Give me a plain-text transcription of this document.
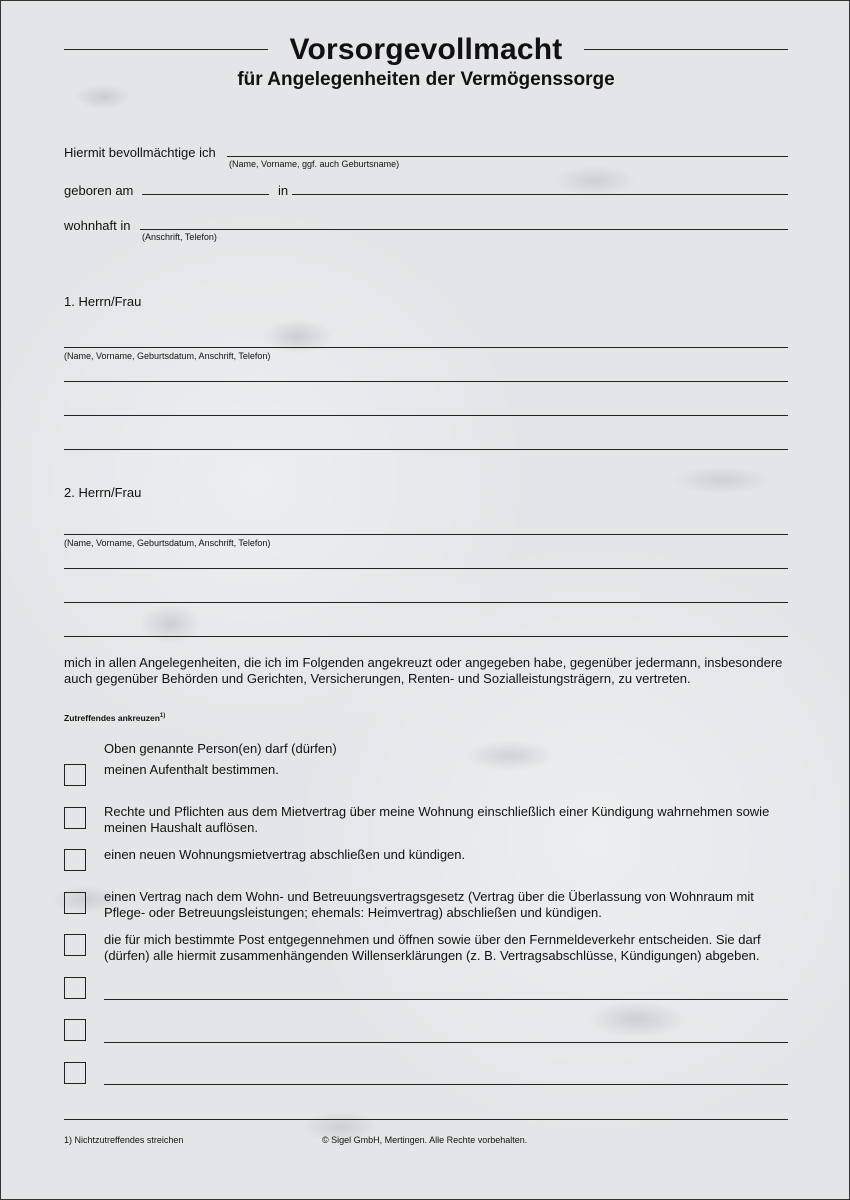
Vorsorgevollmacht
für Angelegenheiten der Vermögenssorge
Hiermit bevollmächtige ich
(Name, Vorname, ggf. auch Geburtsname)
geboren am	in
wohnhaft in
(Anschrift, Telefon)
1. Herrn/Frau
(Name, Vorname, Geburtsdatum, Anschrift, Telefon)
2. Herrn/Frau
(Name, Vorname, Geburtsdatum, Anschrift, Telefon)
mich in allen Angelegenheiten, die ich im Folgenden angekreuzt oder angegeben habe, gegenüber jedermann, insbesondere auch gegenüber Behörden und Gerichten, Versicherungen, Renten- und Sozialleistungsträgern, zu vertreten.
Zutreffendes ankreuzen$^{1)}$
Oben genannte Person(en) darf (dürfen)
meinen Aufenthalt bestimmen.
Rechte und Pflichten aus dem Mietvertrag über meine Wohnung einschließlich einer Kündigung wahrnehmen sowie meinen Haushalt auflösen.
einen neuen Wohnungsmietvertrag abschließen und kündigen.
einen Vertrag nach dem Wohn- und Betreuungsvertragsgesetz (Vertrag über die Überlassung von Wohnraum mit Pflege- oder Betreuungsleistungen; ehemals: Heimvertrag) abschließen und kündigen.
die für mich bestimmte Post entgegennehmen und öffnen sowie über den Fernmeldeverkehr entscheiden. Sie darf (dürfen) alle hiermit zusammenhängenden Willenserklärungen (z. B. Vertragsabschlüsse, Kündigungen) abgeben.
1) Nichtzutreffendes streichen	© Sigel GmbH, Mertingen. Alle Rechte vorbehalten.
